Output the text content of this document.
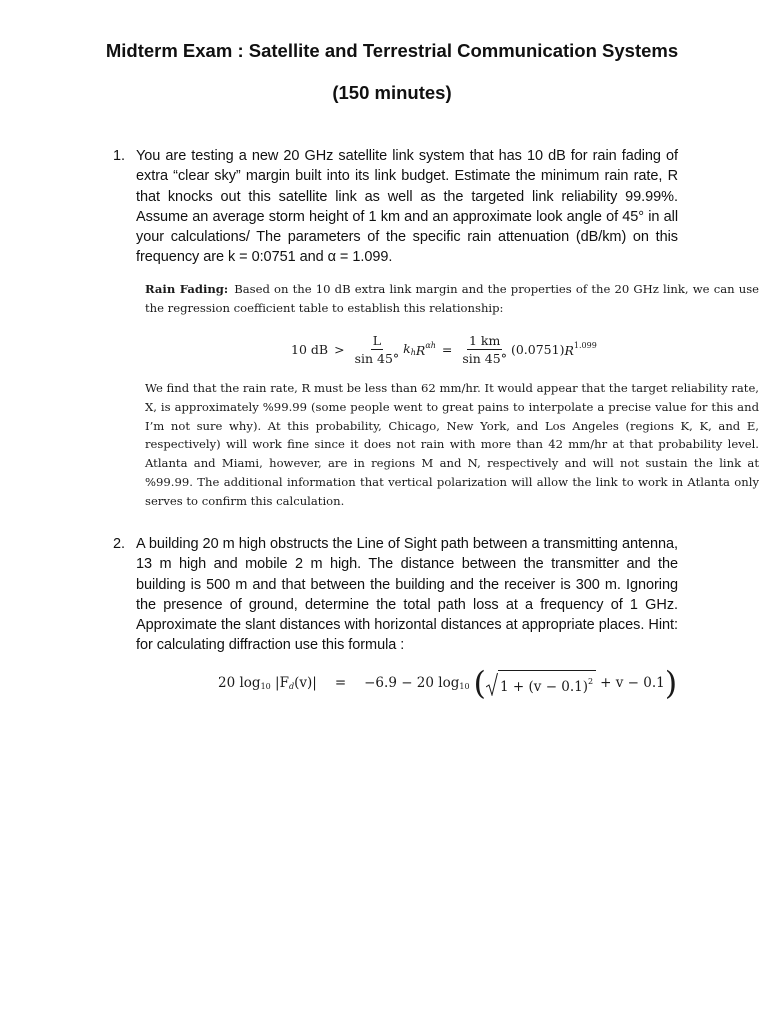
Midterm Exam : Satellite and Terrestrial Communication Systems
(150 minutes)
1. You are testing a new 20 GHz satellite link system that has 10 dB for rain fading of extra “clear sky” margin built into its link budget. Estimate the minimum rain rate, R that knocks out this satellite link as well as the targeted link reliability 99.99%. Assume an average storm height of 1 km and an approximate look angle of 45° in all your calculations/ The parameters of the specific rain attenuation (dB/km) on this frequency are k = 0:0751 and α = 1.099.

Rain Fading: Based on the 10 dB extra link margin and the properties of the 20 GHz link, we can use the regression coefficient table to establish this relationship:

10 dB > $\frac{L}{\sin 45^\circ} k_h$ $R^{\alpha h} = \frac{1 km}{\sin 45^\circ} (0.0751)$ $R^{1.099}$

We find that the rain rate, R must be less than 62 mm/hr. It would appear that the target reliability rate, X, is approximately %99.99 (some people went to great pains to interpolate a precise value for this and I’m not sure why). At this probability, Chicago, New York, and Los Angeles (regions K, K, and E, respectively) will work fine since it does not rain with more than 42 mm/hr at that probability level. Atlanta and Miami, however, are in regions M and N, respectively and will not sustain the link at %99.99. The additional information that vertical polarization will allow the link to work in Atlanta only serves to confirm this calculation.

2. A building 20 m high obstructs the Line of Sight path between a transmitting antenna, 13 m high and mobile 2 m high. The distance between the transmitter and the building is 500 m and that between the building and the receiver is 300 m. Ignoring the presence of ground, determine the total path loss at a frequency of 1 GHz. Approximate the slant distances with horizontal distances at appropriate places. Hint: for calculating diffraction use this formula :
20 $\log_{10} |F_d(v)| = -6.9 - 20$ $\log_{10}$ ( $1 + (v - 0.1)^2 + v - 0.1$ )
